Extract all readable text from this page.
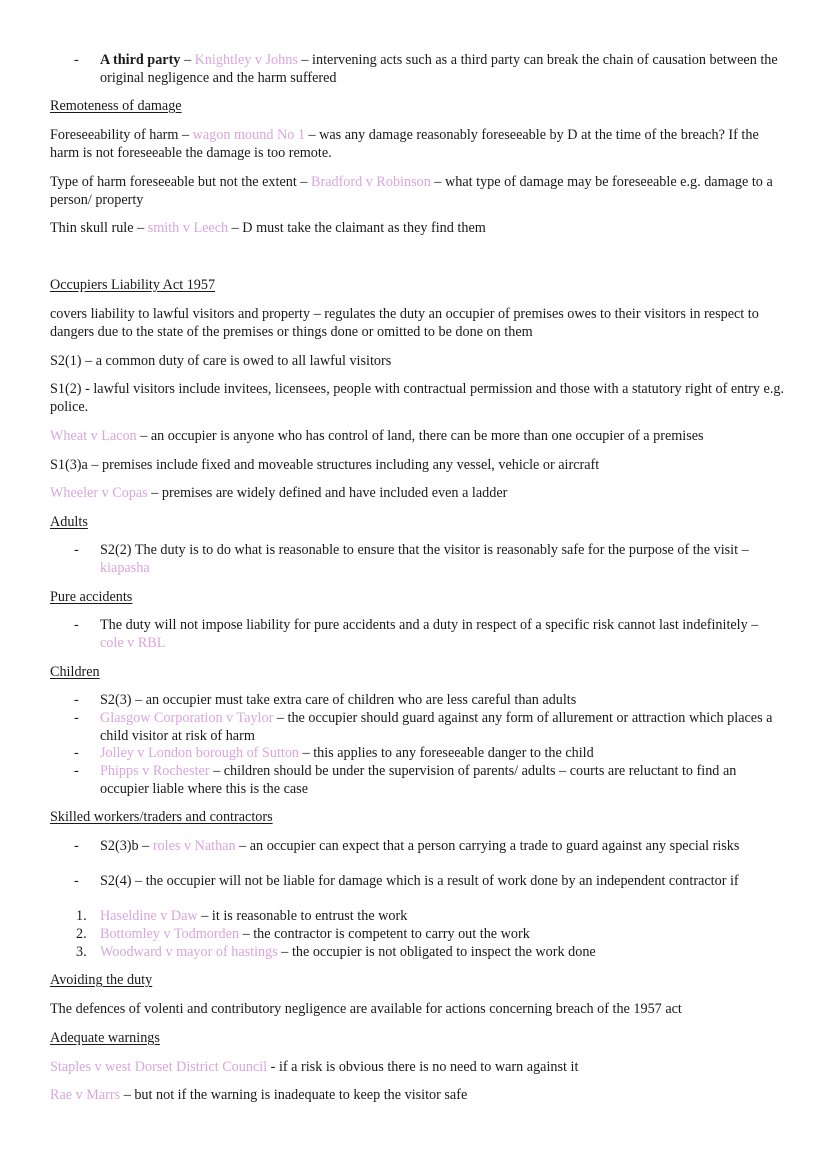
- A third party – Knightley v Johns – intervening acts such as a third party can break the chain of causation between the original negligence and the harm suffered
Remoteness of damage
Foreseeability of harm – wagon mound No 1 – was any damage reasonably foreseeable by D at the time of the breach? If the harm is not foreseeable the damage is too remote.
Type of harm foreseeable but not the extent – Bradford v Robinson – what type of damage may be foreseeable e.g. damage to a person/ property
Thin skull rule – smith v Leech – D must take the claimant as they find them
Occupiers Liability Act 1957
covers liability to lawful visitors and property – regulates the duty an occupier of premises owes to their visitors in respect to dangers due to the state of the premises or things done or omitted to be done on them
S2(1) – a common duty of care is owed to all lawful visitors
S1(2) - lawful visitors include invitees, licensees, people with contractual permission and those with a statutory right of entry e.g. police.
Wheat v Lacon – an occupier is anyone who has control of land, there can be more than one occupier of a premises
S1(3)a – premises include fixed and moveable structures including any vessel, vehicle or aircraft
Wheeler v Copas – premises are widely defined and have included even a ladder
Adults
- S2(2) The duty is to do what is reasonable to ensure that the visitor is reasonably safe for the purpose of the visit – kiapasha
Pure accidents
- The duty will not impose liability for pure accidents and a duty in respect of a specific risk cannot last indefinitely – cole v RBL
Children
- S2(3) – an occupier must take extra care of children who are less careful than adults
- Glasgow Corporation v Taylor – the occupier should guard against any form of allurement or attraction which places a child visitor at risk of harm
- Jolley v London borough of Sutton – this applies to any foreseeable danger to the child
- Phipps v Rochester – children should be under the supervision of parents/ adults – courts are reluctant to find an occupier liable where this is the case
Skilled workers/traders and contractors
- S2(3)b – roles v Nathan – an occupier can expect that a person carrying a trade to guard against any special risks
- S2(4) – the occupier will not be liable for damage which is a result of work done by an independent contractor if
1. Haseldine v Daw – it is reasonable to entrust the work
2. Bottomley v Todmorden – the contractor is competent to carry out the work
3. Woodward v mayor of hastings – the occupier is not obligated to inspect the work done
Avoiding the duty
The defences of volenti and contributory negligence are available for actions concerning breach of the 1957 act
Adequate warnings
Staples v west Dorset District Council - if a risk is obvious there is no need to warn against it
Rae v Marrs – but not if the warning is inadequate to keep the visitor safe
